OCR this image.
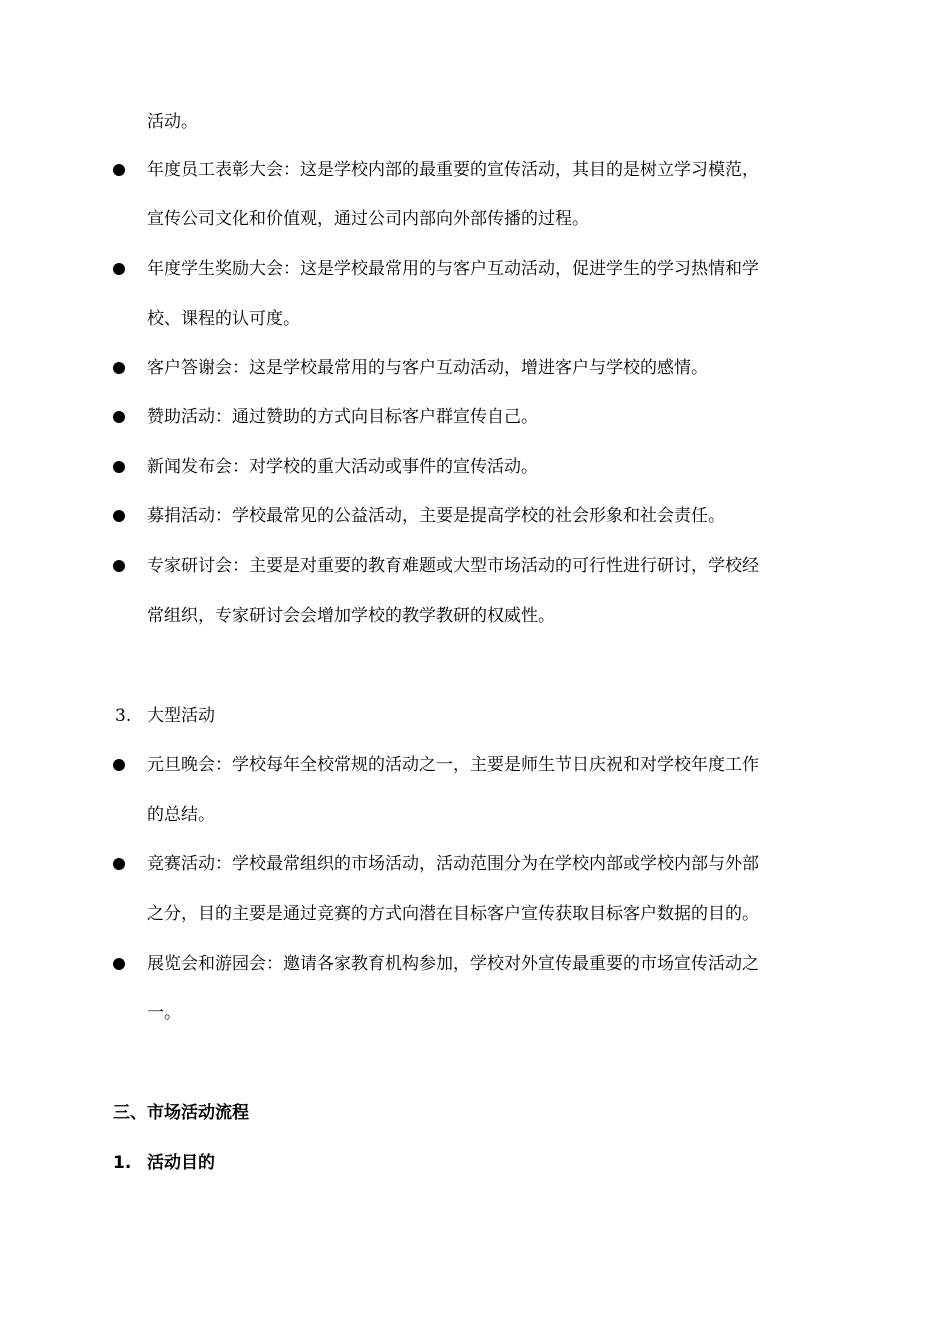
活动。
年度员工表彰大会：这是学校内部的最重要的宣传活动，其目的是树立学习模范，
宣传公司文化和价值观，通过公司内部向外部传播的过程。
年度学生奖励大会：这是学校最常用的与客户互动活动，促进学生的学习热情和学
校、课程的认可度。
客户答谢会：这是学校最常用的与客户互动活动，增进客户与学校的感情。
赞助活动：通过赞助的方式向目标客户群宣传自己。
新闻发布会：对学校的重大活动或事件的宣传活动。
募捐活动：学校最常见的公益活动，主要是提高学校的社会形象和社会责任。
专家研讨会：主要是对重要的教育难题或大型市场活动的可行性进行研讨，学校经
常组织，专家研讨会会增加学校的教学教研的权威性。
3. 大型活动
元旦晚会：学校每年全校常规的活动之一，主要是师生节日庆祝和对学校年度工作
的总结。
竞赛活动：学校最常组织的市场活动，活动范围分为在学校内部或学校内部与外部
之分，目的主要是通过竞赛的方式向潜在目标客户宣传获取目标客户数据的目的。
展览会和游园会：邀请各家教育机构参加，学校对外宣传最重要的市场宣传活动之
一。
三、市场活动流程
1. 活动目的
